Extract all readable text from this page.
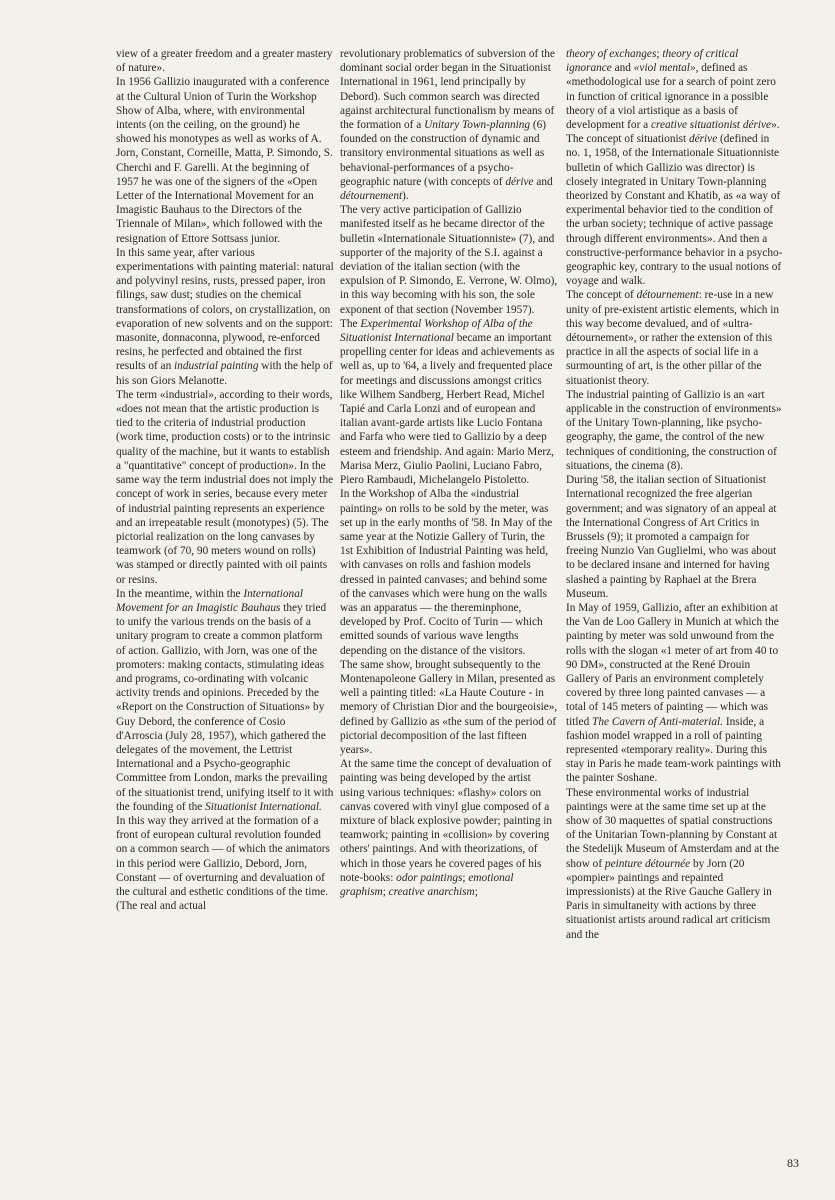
view of a greater freedom and a greater mastery of nature».

In 1956 Gallizio inaugurated with a conference at the Cultural Union of Turin the Workshop Show of Alba, where, with environmental intents (on the ceiling, on the ground) he showed his monotypes as well as works of A. Jorn, Constant, Corneille, Matta, P. Simondo, S. Cherchi and F. Garelli. At the beginning of 1957 he was one of the signers of the «Open Letter of the International Movement for an Imagistic Bauhaus to the Directors of the Triennale of Milan», which followed with the resignation of Ettore Sottsass junior.

In this same year, after various experimentations with painting material: natural and polyvinyl resins, rusts, pressed paper, iron filings, saw dust; studies on the chemical transformations of colors, on crystallization, on evaporation of new solvents and on the support: masonite, donnaconna, plywood, re-enforced resins, he perfected and obtained the first results of an industrial painting with the help of his son Giors Melanotte.

The term «industrial», according to their words, «does not mean that the artistic production is tied to the criteria of industrial production (work time, production costs) or to the intrinsic quality of the machine, but it wants to establish a "quantitative" concept of production». In the same way the term industrial does not imply the concept of work in series, because every meter of industrial painting represents an experience and an irrepeatable result (monotypes) (5). The pictorial realization on the long canvases by teamwork (of 70, 90 meters wound on rolls) was stamped or directly painted with oil paints or resins.

In the meantime, within the International Movement for an Imagistic Bauhaus they tried to unify the various trends on the basis of a unitary program to create a common platform of action. Gallizio, with Jorn, was one of the promoters: making contacts, stimulating ideas and programs, co-ordinating with volcanic activity trends and opinions. Preceded by the «Report on the Construction of Situations» by Guy Debord, the conference of Cosio d'Arroscia (July 28, 1957), which gathered the delegates of the movement, the Lettrist International and a Psycho-geographic Committee from London, marks the prevailing of the situationist trend, unifying itself to it with the founding of the Situationist International.

In this way they arrived at the formation of a front of european cultural revolution founded on a common search — of which the animators in this period were Gallizio, Debord, Jorn, Constant — of overturning and devaluation of the cultural and esthetic conditions of the time. (The real and actual

revolutionary problematics of subversion of the dominant social order began in the Situationist International in 1961, lend principally by Debord). Such common search was directed against architectural functionalism by means of the formation of a Unitary Town-planning (6) founded on the construction of dynamic and transitory environmental situations as well as behavional-performances of a psycho-geographic nature (with concepts of dérive and détournement).

The very active participation of Gallizio manifested itself as he became director of the bulletin «Internationale Situationniste» (7), and supporter of the majority of the S.I. against a deviation of the italian section (with the expulsion of P. Simondo, E. Verrone, W. Olmo), in this way becoming with his son, the sole exponent of that section (November 1957).

The Experimental Workshop of Alba of the Situationist International became an important propelling center for ideas and achievements as well as, up to '64, a lively and frequented place for meetings and discussions amongst critics like Wilhem Sandberg, Herbert Read, Michel Tapié and Carla Lonzi and of european and italian avant-garde artists like Lucio Fontana and Farfa who were tied to Gallizio by a deep esteem and friendship. And again: Mario Merz, Marisa Merz, Giulio Paolini, Luciano Fabro, Piero Rambaudi, Michelangelo Pistoletto.

In the Workshop of Alba the «industrial painting» on rolls to be sold by the meter, was set up in the early months of '58. In May of the same year at the Notizie Gallery of Turin, the 1st Exhibition of Industrial Painting was held, with canvases on rolls and fashion models dressed in painted canvases; and behind some of the canvases which were hung on the walls was an apparatus — the thereminphone, developed by Prof. Cocito of Turin — which emitted sounds of various wave lengths depending on the distance of the visitors.

The same show, brought subsequently to the Montenapoleone Gallery in Milan, presented as well a painting titled: «La Haute Couture - in memory of Christian Dior and the bourgeoisie», defined by Gallizio as «the sum of the period of pictorial decomposition of the last fifteen years».

At the same time the concept of devaluation of painting was being developed by the artist using various techniques: «flashy» colors on canvas covered with vinyl glue composed of a mixture of black explosive powder; painting in teamwork; painting in «collision» by covering others' paintings. And with theorizations, of which in those years he covered pages of his note-books: odor paintings; emotional graphism; creative anarchism;

theory of exchanges; theory of critical ignorance and «viol mental», defined as «methodological use for a search of point zero in function of critical ignorance in a possible theory of a viol artistique as a basis of development for a creative situationist dérive».

The concept of situationist dérive (defined in no. 1, 1958, of the Internationale Situationniste bulletin of which Gallizio was director) is closely integrated in Unitary Town-planning theorized by Constant and Khatib, as «a way of experimental behavior tied to the condition of the urban society; technique of active passage through different environments». And then a constructive-performance behavior in a psycho-geographic key, contrary to the usual notions of voyage and walk.

The concept of détournement: re-use in a new unity of pre-existent artistic elements, which in this way become devalued, and of «ultra-détournement», or rather the extension of this practice in all the aspects of social life in a surmounting of art, is the other pillar of the situationist theory.

The industrial painting of Gallizio is an «art applicable in the construction of environments» of the Unitary Town-planning, like psycho-geography, the game, the control of the new techniques of conditioning, the construction of situations, the cinema (8).

During '58, the italian section of Situationist International recognized the free algerian government; and was signatory of an appeal at the International Congress of Art Critics in Brussels (9); it promoted a campaign for freeing Nunzio Van Guglielmi, who was about to be declared insane and interned for having slashed a painting by Raphael at the Brera Museum.

In May of 1959, Gallizio, after an exhibition at the Van de Loo Gallery in Munich at which the painting by meter was sold unwound from the rolls with the slogan «1 meter of art from 40 to 90 DM», constructed at the René Drouin Gallery of Paris an environment completely covered by three long painted canvases — a total of 145 meters of painting — which was titled The Cavern of Anti-material. Inside, a fashion model wrapped in a roll of painting represented «temporary reality». During this stay in Paris he made team-work paintings with the painter Soshane.

These environmental works of industrial paintings were at the same time set up at the show of 30 maquettes of spatial constructions of the Unitarian Town-planning by Constant at the Stedelijk Museum of Amsterdam and at the show of peinture détournée by Jorn (20 «pompier» paintings and repainted impressionists) at the Rive Gauche Gallery in Paris in simultaneity with actions by three situationist artists around radical art criticism and the

83
